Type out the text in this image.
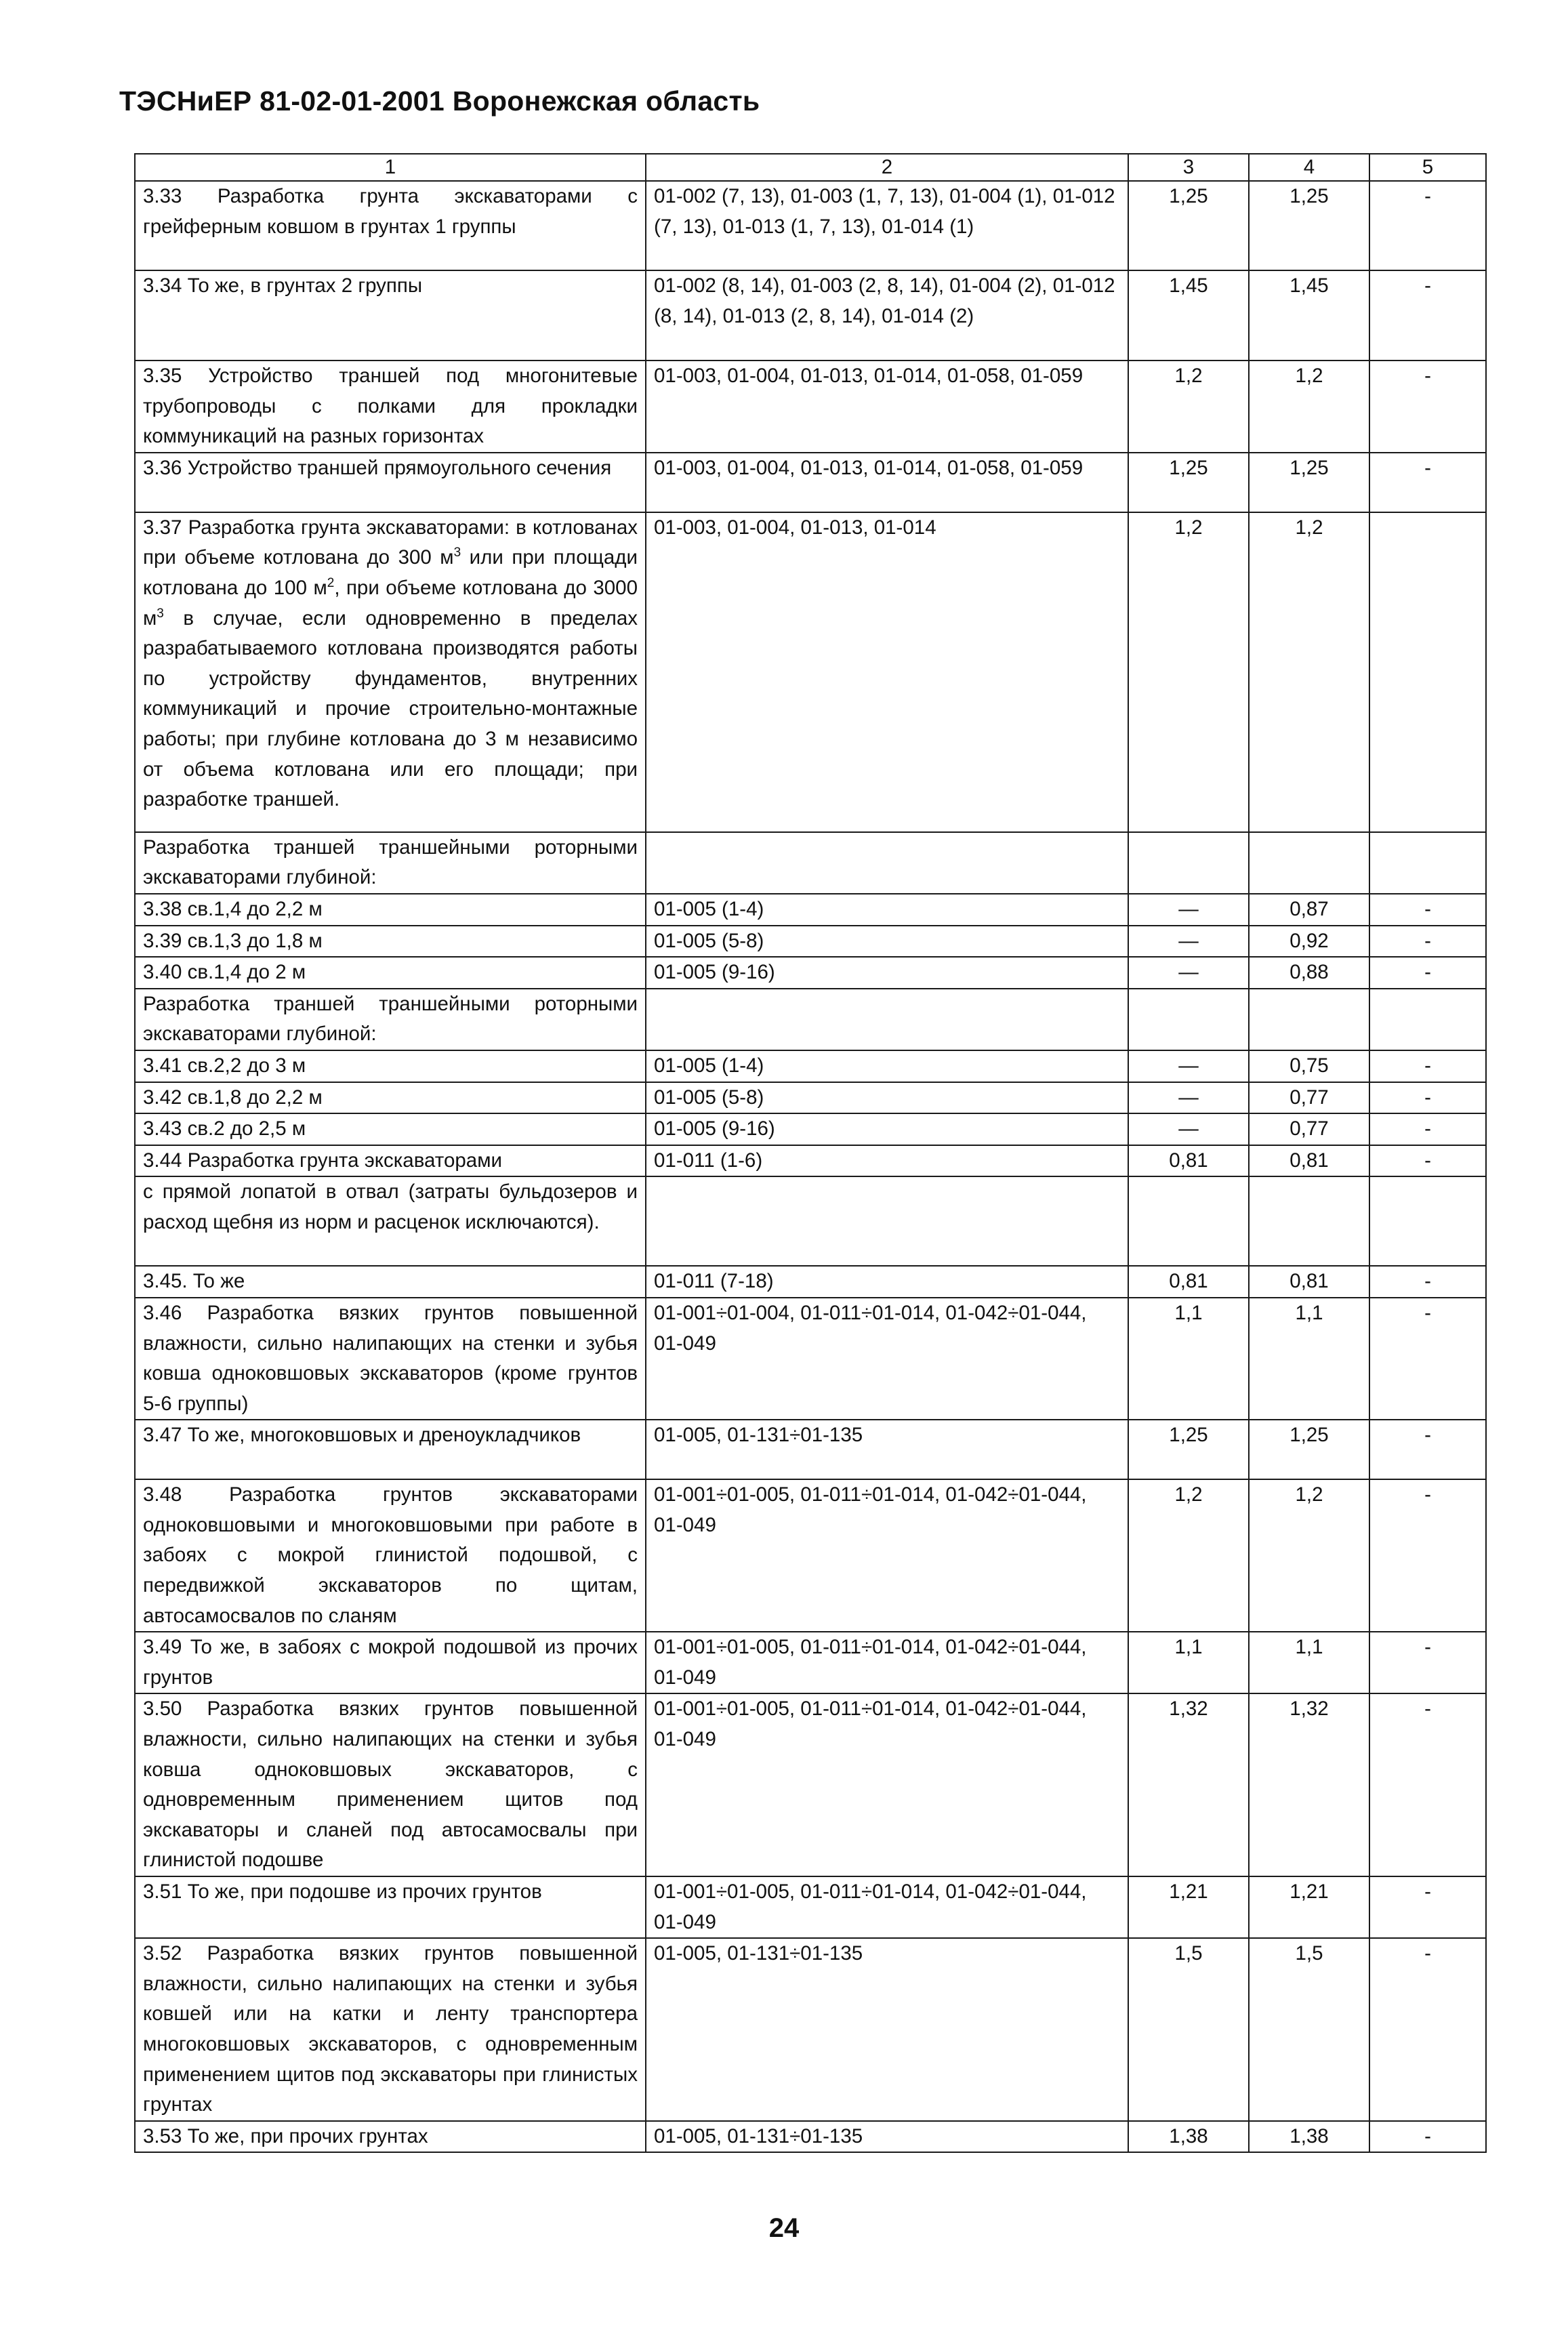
ТЭСНиЕР 81-02-01-2001 Воронежская область
1	2	3	4	5
3.33 Разработка грунта экскаваторами с грейферным ковшом в грунтах 1 группы	01-002 (7, 13), 01-003 (1, 7, 13), 01-004 (1), 01-012 (7, 13), 01-013 (1, 7, 13), 01-014 (1)	1,25	1,25	-
3.34 То же, в грунтах 2 группы	01-002 (8, 14), 01-003 (2, 8, 14), 01-004 (2), 01-012 (8, 14), 01-013 (2, 8, 14), 01-014 (2)	1,45	1,45	-
3.35 Устройство траншей под многонитевые трубопроводы с полками для прокладки коммуникаций на разных горизонтах	01-003, 01-004, 01-013, 01-014, 01-058, 01-059	1,2	1,2	-
3.36 Устройство траншей прямоугольного сечения	01-003, 01-004, 01-013, 01-014, 01-058, 01-059	1,25	1,25	-
3.37 Разработка грунта экскаваторами: в котлованах при объеме котлована до 300 $м^3$ или при площади котлована до 100 $м^2$, при объеме котлована до 3000 $м^3$ в случае, если одновременно в пределах разрабатываемого котлована производятся работы по устройству фундаментов, внутренних коммуникаций и прочие строительно-монтажные работы; при глубине котлована до 3 м независимо от объема котлована или его площади; при разработке траншей.	01-003, 01-004, 01-013, 01-014	1,2	1,2	
Разработка траншей траншейными роторными экскаваторами глубиной:				
3.38 св.1,4 до 2,2 м	01-005 (1-4)	—	0,87	-
3.39 св.1,3 до 1,8 м	01-005 (5-8)	—	0,92	-
3.40 св.1,4 до 2 м	01-005 (9-16)	—	0,88	-
Разработка траншей траншейными роторными экскаваторами глубиной:				
3.41 св.2,2 до 3 м	01-005 (1-4)	—	0,75	-
3.42 св.1,8 до 2,2 м	01-005 (5-8)	—	0,77	-
3.43 св.2 до 2,5 м	01-005 (9-16)	—	0,77	-
3.44 Разработка грунта экскаваторами	01-011 (1-6)	0,81	0,81	-
с прямой лопатой в отвал (затраты бульдозеров и расход щебня из норм и расценок исключаются).				
3.45. То же	01-011 (7-18)	0,81	0,81	-
3.46 Разработка вязких грунтов повышенной влажности, сильно налипающих на стенки и зубья ковша одноковшовых экскаваторов (кроме грунтов 5-6 группы)	01-001÷01-004, 01-011÷01-014, 01-042÷01-044, 01-049	1,1	1,1	-
3.47 То же, многоковшовых и дреноукладчиков	01-005, 01-131÷01-135	1,25	1,25	-
3.48 Разработка грунтов экскаваторами одноковшовыми и многоковшовыми при работе в забоях с мокрой глинистой подошвой, с передвижкой экскаваторов по щитам, автосамосвалов по сланям	01-001÷01-005, 01-011÷01-014, 01-042÷01-044, 01-049	1,2	1,2	-
3.49 То же, в забоях с мокрой подошвой из прочих грунтов	01-001÷01-005, 01-011÷01-014, 01-042÷01-044, 01-049	1,1	1,1	-
3.50 Разработка вязких грунтов повышенной влажности, сильно налипающих на стенки и зубья ковша одноковшовых экскаваторов, с одновременным применением щитов под экскаваторы и сланей под автосамосвалы при глинистой подошве	01-001÷01-005, 01-011÷01-014, 01-042÷01-044, 01-049	1,32	1,32	-
3.51 То же, при подошве из прочих грунтов	01-001÷01-005, 01-011÷01-014, 01-042÷01-044, 01-049	1,21	1,21	-
3.52 Разработка вязких грунтов повышенной влажности, сильно налипающих на стенки и зубья ковшей или на катки и ленту транспортера многоковшовых экскаваторов, с одновременным применением щитов под экскаваторы при глинистых грунтах	01-005, 01-131÷01-135	1,5	1,5	-
3.53 То же, при прочих грунтах	01-005, 01-131÷01-135	1,38	1,38	-
24
